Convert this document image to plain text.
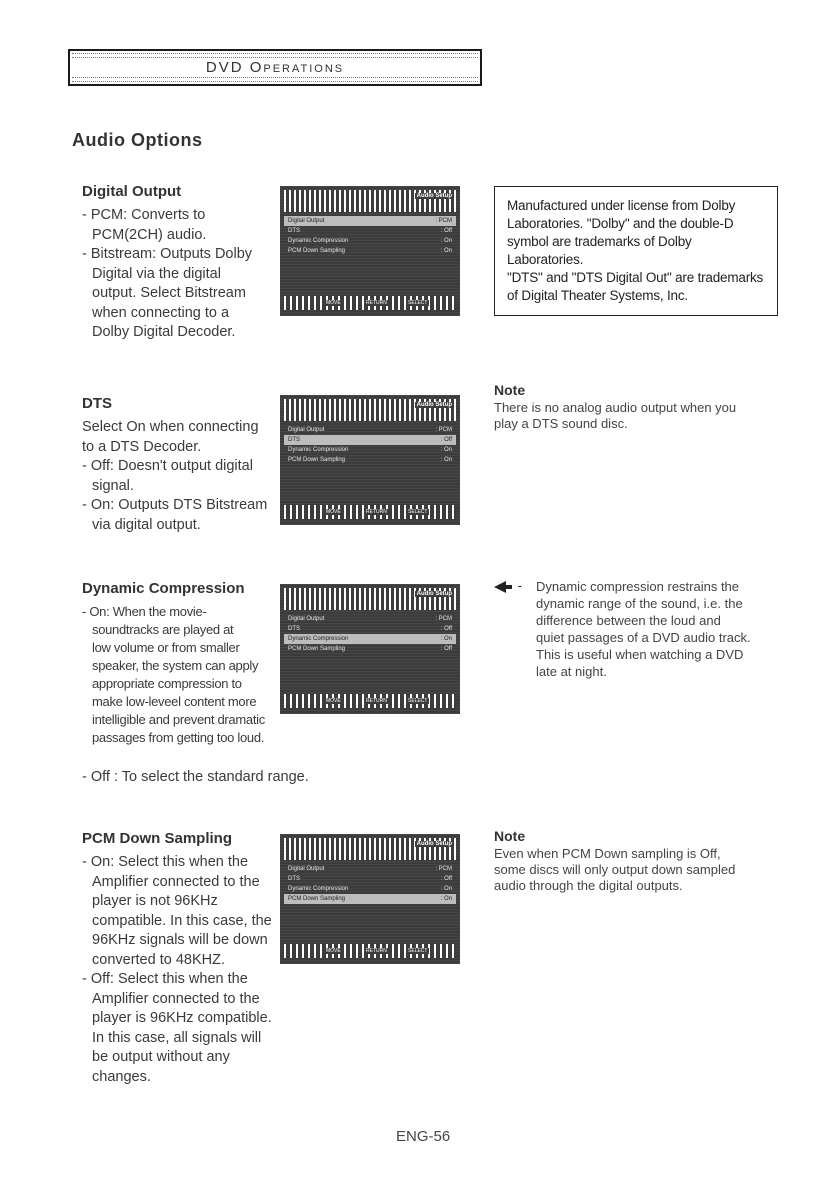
DVD Operations
Audio Options
Digital Output

- PCM: Converts to

PCM(2CH) audio.

- Bitstream: Outputs Dolby

Digital via the digital

output. Select Bitstream

when connecting to a

Dolby Digital Decoder.

DTS

Select On when connecting

to a DTS Decoder.

- Off: Doesn't output digital

signal.

- On: Outputs DTS Bitstream

via digital output.

Dynamic Compression

- On: When the movie-

soundtracks are played at

low volume or from smaller

speaker, the system can apply

appropriate compression to

make low-leveel content more

intelligible and prevent dramatic

passages from getting too loud.

- Off : To select the standard range.
PCM Down Sampling

- On: Select this when the

Amplifier connected to the

player is not 96KHz

compatible. In this case, the

96KHz signals will be down

converted to 48KHZ.

- Off: Select this when the

Amplifier connected to the

player is 96KHz compatible.

In this case, all signals will

be output without any

changes.

Audio Setup
Digital Output	: PCM
DTS	: Off
Dynamic Compression	: On
PCM Down Sampling	: On
MOVE	RETURN	SELECT
Audio Setup
Digital Output	: PCM
DTS	: Off
Dynamic Compression	: On
PCM Down Sampling	: On
MOVE	RETURN	SELECT
Audio Setup
Digital Output	: PCM
DTS	: Off
Dynamic Compression	: On
PCM Down Sampling	: Off
MOVE	RETURN	SELECT
Audio Setup
Digital Output	: PCM
DTS	: Off
Dynamic Compression	: On
PCM Down Sampling	: On
MOVE	RETURN	SELECT
Manufactured under license from Dolby
Laboratories. "Dolby" and the double-D
symbol are trademarks of Dolby
Laboratories.
"DTS" and "DTS Digital Out" are trademarks
of Digital Theater Systems, Inc.
Note
There is no analog audio output when you
play a DTS sound disc.
-	Dynamic compression restrains the
dynamic range of the sound, i.e. the
difference between the loud and
quiet passages of a DVD audio track.
This is useful when watching a DVD
late at night.
Note
Even when PCM Down sampling is Off,
some discs will only output down sampled
audio through the digital outputs.
ENG-56
